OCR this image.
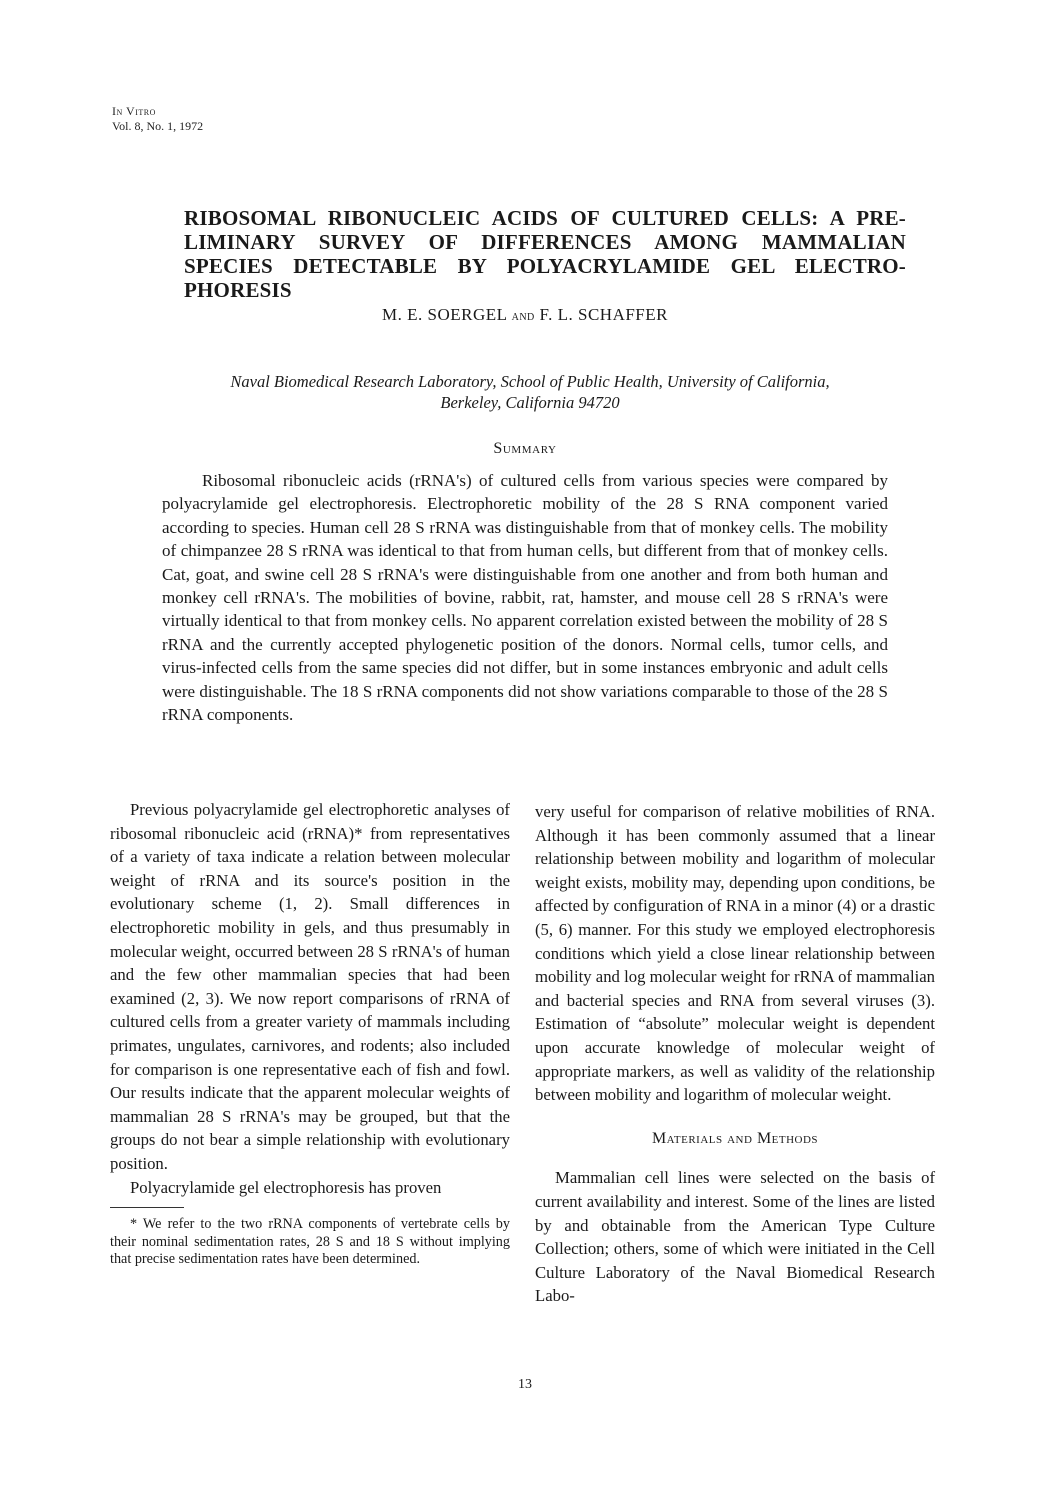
In Vitro
Vol. 8, No. 1, 1972
RIBOSOMAL RIBONUCLEIC ACIDS OF CULTURED CELLS: A PRE-LIMINARY SURVEY OF DIFFERENCES AMONG MAMMALIAN SPECIES DETECTABLE BY POLYACRYLAMIDE GEL ELECTRO-PHORESIS
M. E. SOERGEL and F. L. SCHAFFER
Naval Biomedical Research Laboratory, School of Public Health, University of California, Berkeley, California 94720
Summary

Ribosomal ribonucleic acids (rRNA's) of cultured cells from various species were compared by polyacrylamide gel electrophoresis. Electrophoretic mobility of the 28 S RNA component varied according to species. Human cell 28 S rRNA was distinguishable from that of monkey cells. The mobility of chimpanzee 28 S rRNA was identical to that from human cells, but different from that of monkey cells. Cat, goat, and swine cell 28 S rRNA's were distinguishable from one another and from both human and monkey cell rRNA's. The mobilities of bovine, rabbit, rat, hamster, and mouse cell 28 S rRNA's were virtually identical to that from monkey cells. No apparent correlation existed between the mobility of 28 S rRNA and the currently accepted phylogenetic position of the donors. Normal cells, tumor cells, and virus-infected cells from the same species did not differ, but in some instances embryonic and adult cells were distinguishable. The 18 S rRNA components did not show variations comparable to those of the 28 S rRNA components.

Previous polyacrylamide gel electrophoretic analyses of ribosomal ribonucleic acid (rRNA)* from representatives of a variety of taxa indicate a relation between molecular weight of rRNA and its source's position in the evolutionary scheme (1, 2). Small differences in electrophoretic mobility in gels, and thus presumably in molecular weight, occurred between 28 S rRNA's of human and the few other mammalian species that had been examined (2, 3). We now report comparisons of rRNA of cultured cells from a greater variety of mammals including primates, ungulates, carnivores, and rodents; also included for comparison is one representative each of fish and fowl. Our results indicate that the apparent molecular weights of mammalian 28 S rRNA's may be grouped, but that the groups do not bear a simple relationship with evolutionary position.

Polyacrylamide gel electrophoresis has proven

* We refer to the two rRNA components of vertebrate cells by their nominal sedimentation rates, 28 S and 18 S without implying that precise sedimentation rates have been determined.

very useful for comparison of relative mobilities of RNA. Although it has been commonly assumed that a linear relationship between mobility and logarithm of molecular weight exists, mobility may, depending upon conditions, be affected by configuration of RNA in a minor (4) or a drastic (5, 6) manner. For this study we employed electrophoresis conditions which yield a close linear relationship between mobility and log molecular weight for rRNA of mammalian and bacterial species and RNA from several viruses (3). Estimation of “absolute” molecular weight is dependent upon accurate knowledge of molecular weight of appropriate markers, as well as validity of the relationship between mobility and logarithm of molecular weight.

Materials and Methods

Mammalian cell lines were selected on the basis of current availability and interest. Some of the lines are listed by and obtainable from the American Type Culture Collection; others, some of which were initiated in the Cell Culture Laboratory of the Naval Biomedical Research Labo-

13
